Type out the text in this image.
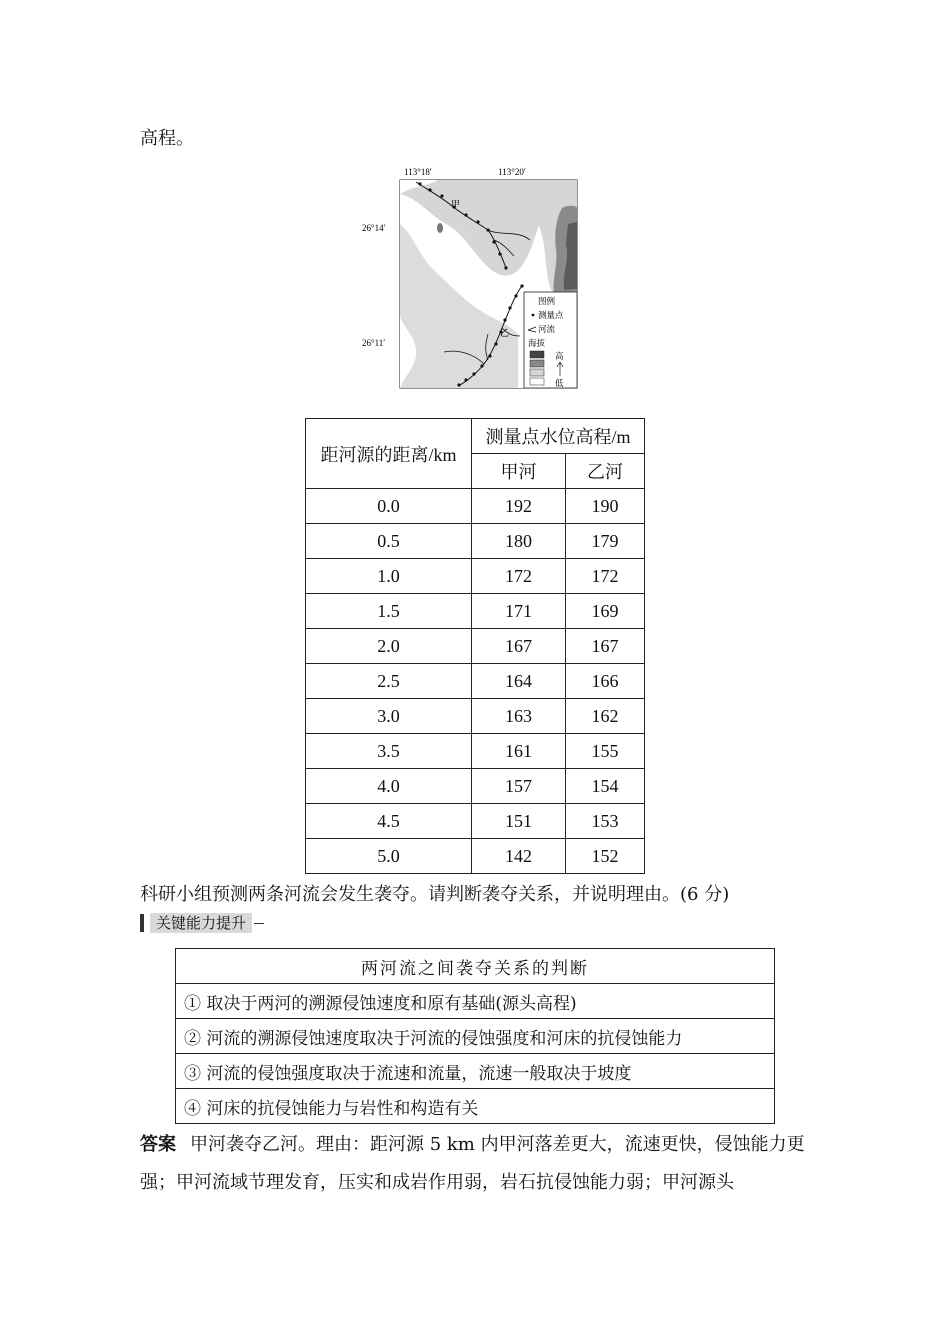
高程。
113°18′	113°20′
26°14′
26°11′
甲
乙
图例
测量点
河流
海拔
高
低
距河源的距离/km	测量点水位高程/m	
	甲河	乙河
0.0	192	190
0.5	180	179
1.0	172	172
1.5	171	169
2.0	167	167
2.5	164	166
3.0	163	162
3.5	161	155
4.0	157	154
4.5	151	153
5.0	142	152
科研小组预测两条河流会发生袭夺。请判断袭夺关系，并说明理由。(6 分)
关键能力提升
两河流之间袭夺关系的判断
① 取决于两河的溯源侵蚀速度和原有基础(源头高程)
② 河流的溯源侵蚀速度取决于河流的侵蚀强度和河床的抗侵蚀能力
③ 河流的侵蚀强度取决于流速和流量，流速一般取决于坡度
④ 河床的抗侵蚀能力与岩性和构造有关
答案 甲河袭夺乙河。理由：距河源 5 km 内甲河落差更大，流速更快，侵蚀能力更强；甲河流域节理发育，压实和成岩作用弱，岩石抗侵蚀能力弱；甲河源头
